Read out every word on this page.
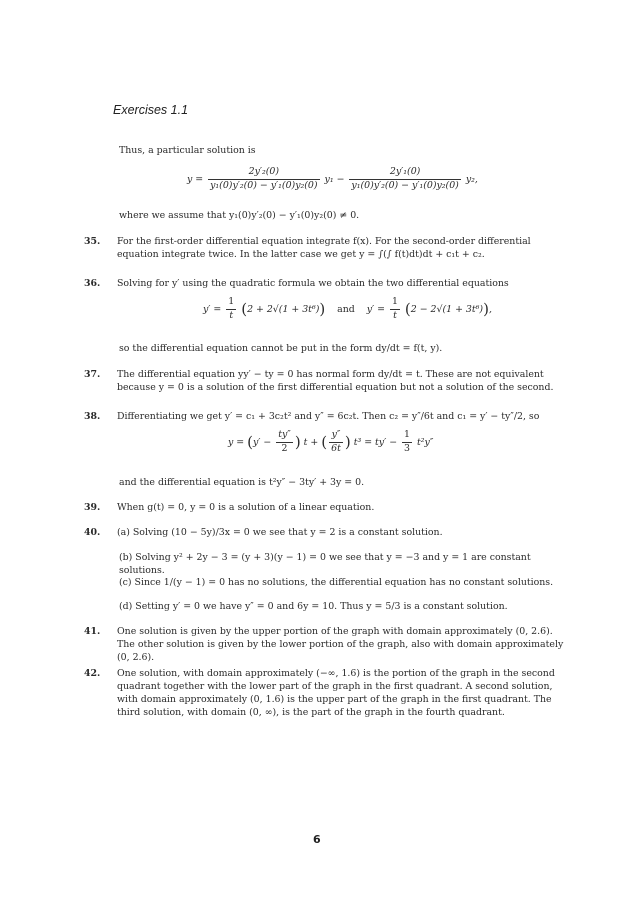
Exercises 1.1
Thus, a particular solution is
$y = \frac{\text{2y′₂(0)}}{\text{y₁(0)y′₂(0) − y′₁(0)y₂(0)}} y_1 - \frac{\text{2y′₁(0)}}{\text{y₁(0)y′₂(0) − y′₁(0)y₂(0)}} y_2$,
where we assume that y₁(0)y′₂(0) − y′₁(0)y₂(0) ≠ 0.
35. For the first-order differential equation integrate f(x). For the second-order differential equation integrate twice. In the latter case we get y = ∫(∫ f(t)dt)dt + c₁t + c₂.
36. Solving for y′ using the quadratic formula we obtain the two differential equations
$y' = \frac{1}{t} (2 + 2√(1 + 3t^6))$ and $y' = \frac{1}{t} (2 - 2√(1 + 3t^6))$,
so the differential equation cannot be put in the form dy/dt = f(t, y).
37. The differential equation yy′ − ty = 0 has normal form dy/dt = t. These are not equivalent because y = 0 is a solution of the first differential equation but not a solution of the second.
38. Differentiating we get y′ = c₁ + 3c₂t² and y″ = 6c₂t. Then c₂ = y″/6t and c₁ = y′ − ty″/2, so
$y = (y' - \frac{ty''}{2}$ ) t + ( $\frac{y''}{6t}$ ) $t^3 = ty' - \frac{1}{3} t^2y''$
and the differential equation is t²y″ − 3ty′ + 3y = 0.
39. When g(t) = 0, y = 0 is a solution of a linear equation.
40. (a) Solving (10 − 5y)/3x = 0 we see that y = 2 is a constant solution.
(b) Solving y² + 2y − 3 = (y + 3)(y − 1) = 0 we see that y = −3 and y = 1 are constant solutions.
(c) Since 1/(y − 1) = 0 has no solutions, the differential equation has no constant solutions.
(d) Setting y′ = 0 we have y″ = 0 and 6y = 10. Thus y = 5/3 is a constant solution.
41. One solution is given by the upper portion of the graph with domain approximately (0, 2.6). The other solution is given by the lower portion of the graph, also with domain approximately (0, 2.6).
42. One solution, with domain approximately (−∞, 1.6) is the portion of the graph in the second quadrant together with the lower part of the graph in the first quadrant. A second solution, with domain approximately (0, 1.6) is the upper part of the graph in the first quadrant. The third solution, with domain (0, ∞), is the part of the graph in the fourth quadrant.
6
